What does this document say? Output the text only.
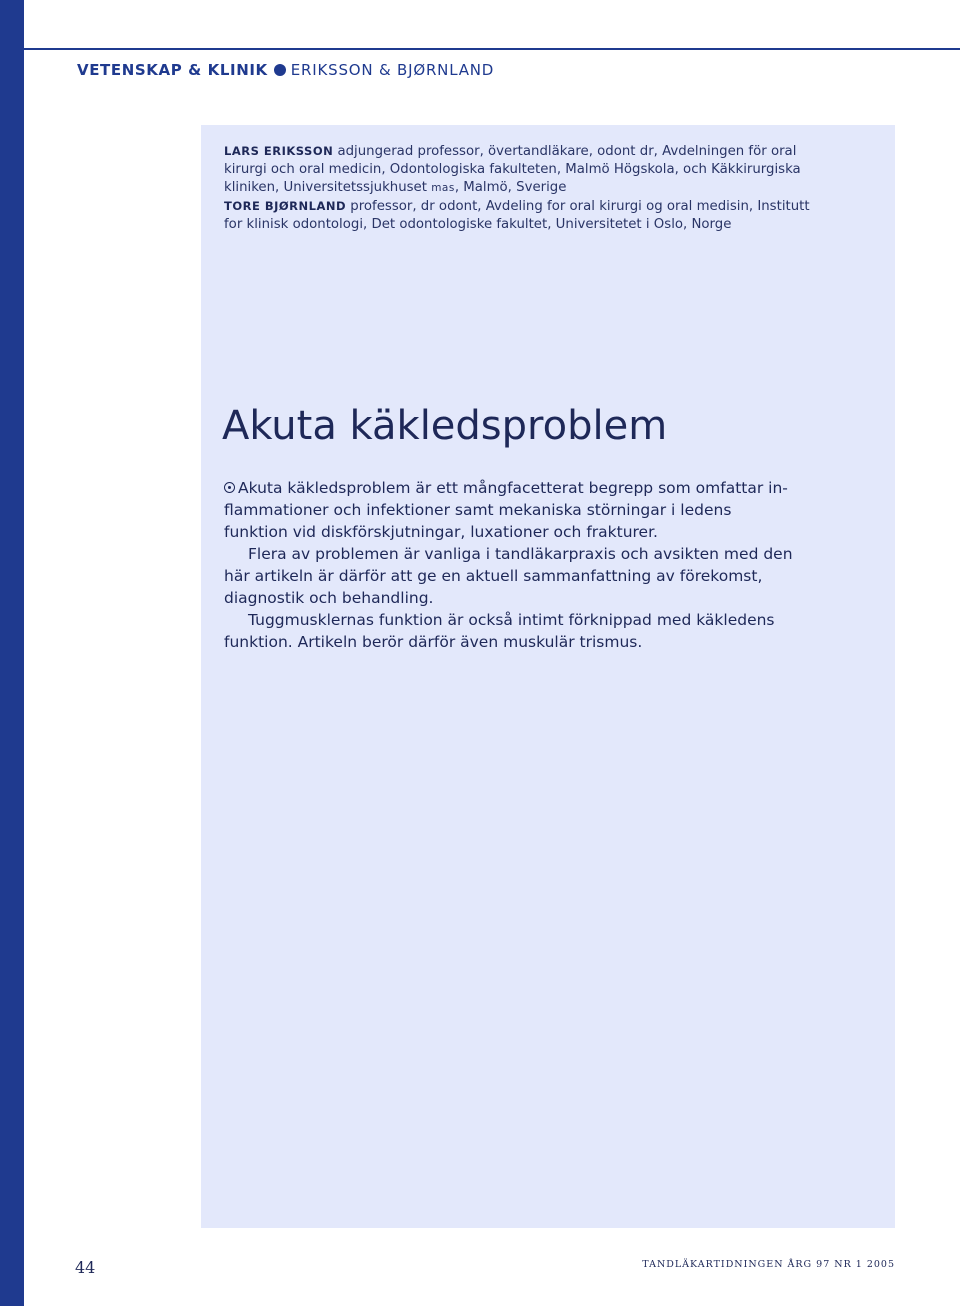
VETENSKAP & KLINIK ERIKSSON & BJØRNLAND

LARS ERIKSSON adjungerad professor, övertandläkare, odont dr, Avdelningen för oral kirurgi och oral medicin, Odontologiska fakulteten, Malmö Högskola, och Käkkirurgiska kliniken, Universitetssjukhuset mas, Malmö, Sverige

TORE BJØRNLAND professor, dr odont, Avdeling for oral kirurgi og oral medisin, Institutt for klinisk odontologi, Det odontologiske fakultet, Universitetet i Oslo, Norge

Akuta käkledsproblem

Akuta käkledsproblem är ett mångfacetterat begrepp som omfattar in-flammationer och infektioner samt mekaniska störningar i ledens funktion vid diskförskjutningar, luxationer och frakturer.

Flera av problemen är vanliga i tandläkarpraxis och avsikten med den här artikeln är därför att ge en aktuell sammanfattning av förekomst, diagnostik och behandling.

Tuggmusklernas funktion är också intimt förknippad med käkledens funktion. Artikeln berör därför även muskulär trismus.

44	TANDLÄKARTIDNINGEN ÅRG 97 NR 1 2005
